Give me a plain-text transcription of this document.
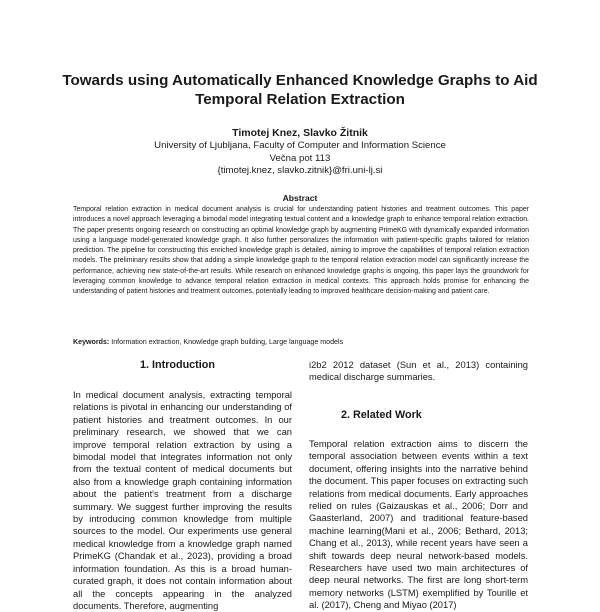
Towards using Automatically Enhanced Knowledge Graphs to Aid Temporal Relation Extraction

Timotej Knez, Slavko Žitnik

University of Ljubljana, Faculty of Computer and Information Science
Večna pot 113
{timotej.knez, slavko.zitnik}@fri.uni-lj.si
Abstract

Temporal relation extraction in medical document analysis is crucial for understanding patient histories and treatment outcomes. This paper introduces a novel approach leveraging a bimodal model integrating textual content and a knowledge graph to enhance temporal relation extraction. The paper presents ongoing research on constructing an optimal knowledge graph by augmenting PrimeKG with dynamically expanded information using a language model-generated knowledge graph. It also further personalizes the information with patient-specific graphs tailored for relation prediction. The pipeline for constructing this enriched knowledge graph is detailed, aiming to improve the capabilities of temporal relation extraction models. The preliminary results show that adding a simple knowledge graph to the temporal relation extraction model can significantly increase the performance, achieving new state-of-the-art results. While research on enhanced knowledge graphs is ongoing, this paper lays the groundwork for leveraging common knowledge to advance temporal relation extraction in medical contexts. This approach holds promise for enhancing the understanding of patient histories and treatment outcomes, potentially leading to improved healthcare decision-making and patient care.

Keywords: Information extraction, Knowledge graph building, Large language models

1. Introduction

In medical document analysis, extracting temporal relations is pivotal in enhancing our understanding of patient histories and treatment outcomes. In our preliminary research, we showed that we can improve temporal relation extraction by using a bimodal model that integrates information not only from the textual content of medical documents but also from a knowledge graph containing information about the patient's treatment from a discharge summary. We suggest further improving the results by introducing common knowledge from multiple sources to the model. Our experiments use general medical knowledge from a knowledge graph named PrimeKG (Chandak et al., 2023), providing a broad information foundation. As this is a broad human-curated graph, it does not contain information about all the concepts appearing in the analyzed documents. Therefore, augmenting

i2b2 2012 dataset (Sun et al., 2013) containing medical discharge summaries.

2. Related Work

Temporal relation extraction aims to discern the temporal association between events within a text document, offering insights into the narrative behind the document. This paper focuses on extracting such relations from medical documents. Early approaches relied on rules (Gaizauskas et al., 2006; Dorr and Gaasterland, 2007) and traditional feature-based machine learning(Mani et al., 2006; Bethard, 2013; Chang et al., 2013), while recent years have seen a shift towards deep neural network-based models. Researchers have used two main architectures of deep neural networks. The first are long short-term memory networks (LSTM) exemplified by Tourille et al. (2017), Cheng and Miyao (2017)
